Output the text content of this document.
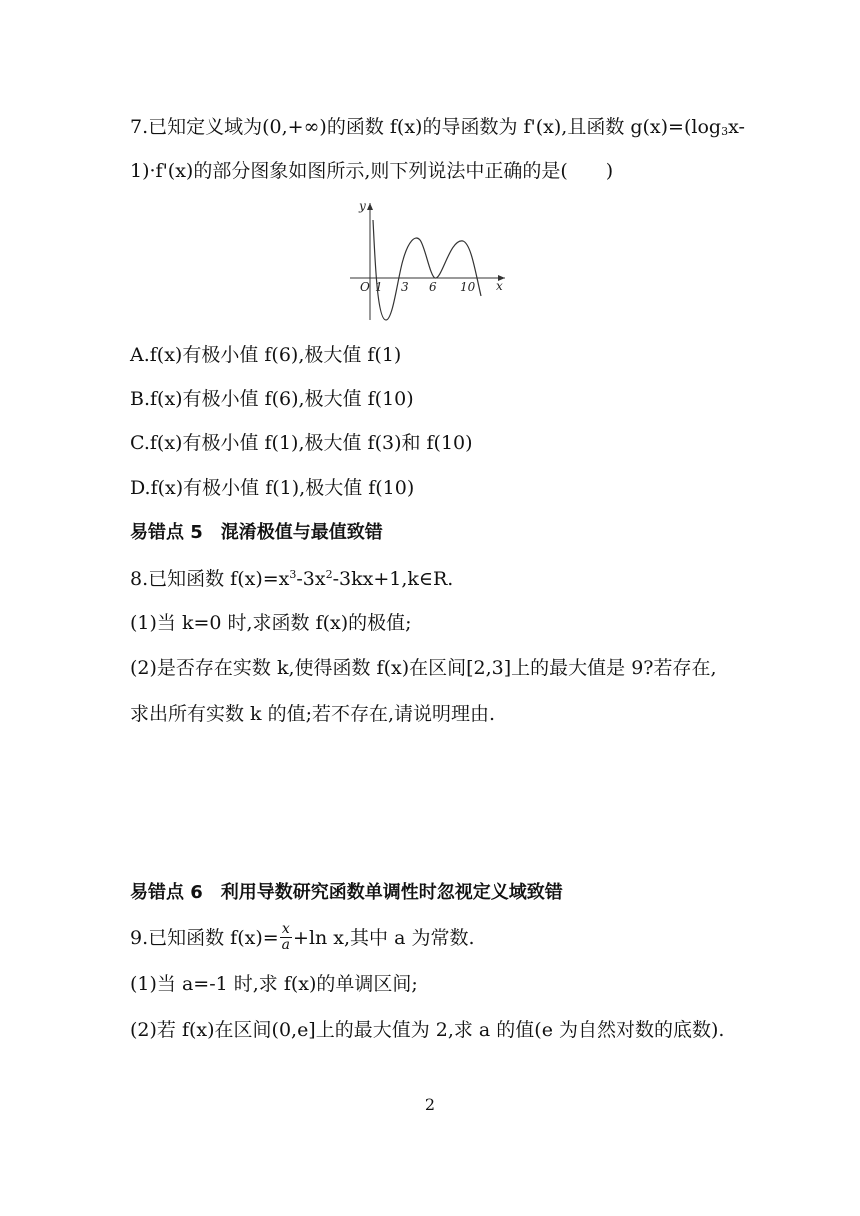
7.已知定义域为(0,+∞)的函数 f(x)的导函数为 f'(x),且函数 $g(x)=(\log_3x-$
1)·f'(x)的部分图象如图所示,则下列说法中正确的是(　　)
y
x
O 1 3 6 10
A.f(x)有极小值 f(6),极大值 f(1)
B.f(x)有极小值 f(6),极大值 f(10)
C.f(x)有极小值 f(1),极大值 f(3)和 f(10)
D.f(x)有极小值 f(1),极大值 f(10)
易错点 5　混淆极值与最值致错
8.已知函数 $f(x)=x^3-3x^2-3kx+1,k\in R$.
(1)当 k=0 时,求函数 f(x)的极值;
(2)是否存在实数 k,使得函数 f(x)在区间[2,3]上的最大值是 9?若存在,
求出所有实数 k 的值;若不存在,请说明理由.
易错点 6　利用导数研究函数单调性时忽视定义域致错
9.已知函数 $f(x)= \frac{x}{a} +\ln$ x,其中 a 为常数.
(1)当 a=-1 时,求 f(x)的单调区间;
(2)若 f(x)在区间(0,e]上的最大值为 2,求 a 的值(e 为自然对数的底数).
2
